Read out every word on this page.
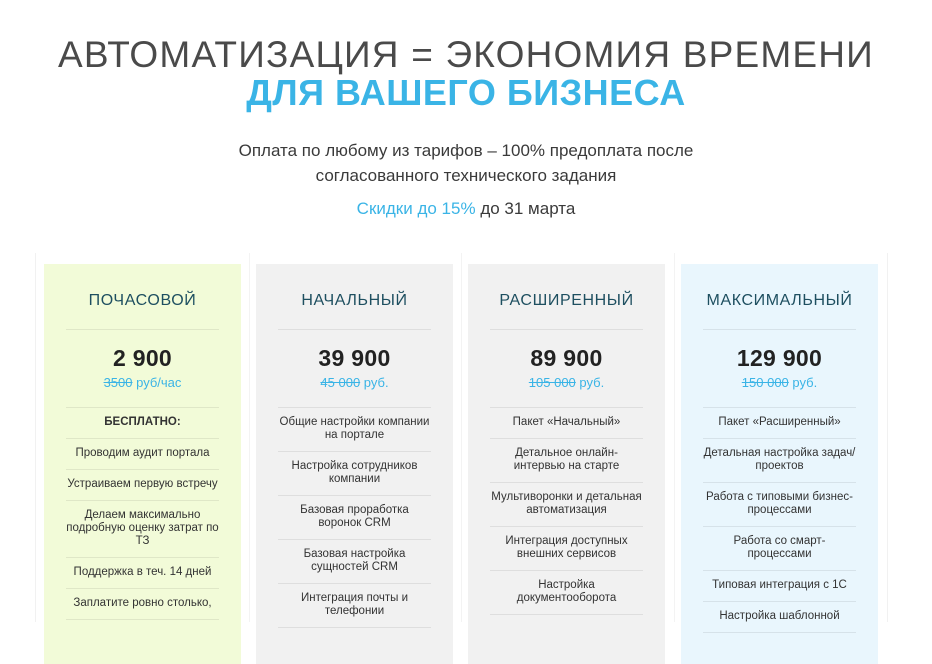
АВТОМАТИЗАЦИЯ = ЭКОНОМИЯ ВРЕМЕНИ
ДЛЯ ВАШЕГО БИЗНЕСА
Оплата по любому из тарифов – 100% предоплата после
согласованного технического задания
Скидки до 15% до 31 марта
ПОЧАСОВОЙ
2 900
3500 руб/час
БЕСПЛАТНО:
Проводим аудит портала
Устраиваем первую встречу
Делаем максимально подробную оценку затрат по ТЗ
Поддержка в теч. 14 дней
Заплатите ровно столько,
НАЧАЛЬНЫЙ
39 900
45 000 руб.
Общие настройки компании на портале
Настройка сотрудников компании
Базовая проработка воронок CRM
Базовая настройка сущностей CRM
Интеграция почты и телефонии
РАСШИРЕННЫЙ
89 900
105 000 руб.
Пакет «Начальный»
Детальное онлайн-интервью на старте
Мультиворонки и детальная автоматизация
Интеграция доступных внешних сервисов
Настройка документооборота
МАКСИМАЛЬНЫЙ
129 900
150 000 руб.
Пакет «Расширенный»
Детальная настройка задач/проектов
Работа с типовыми бизнес-процессами
Работа со смарт-процессами
Типовая интеграция с 1С
Настройка шаблонной
